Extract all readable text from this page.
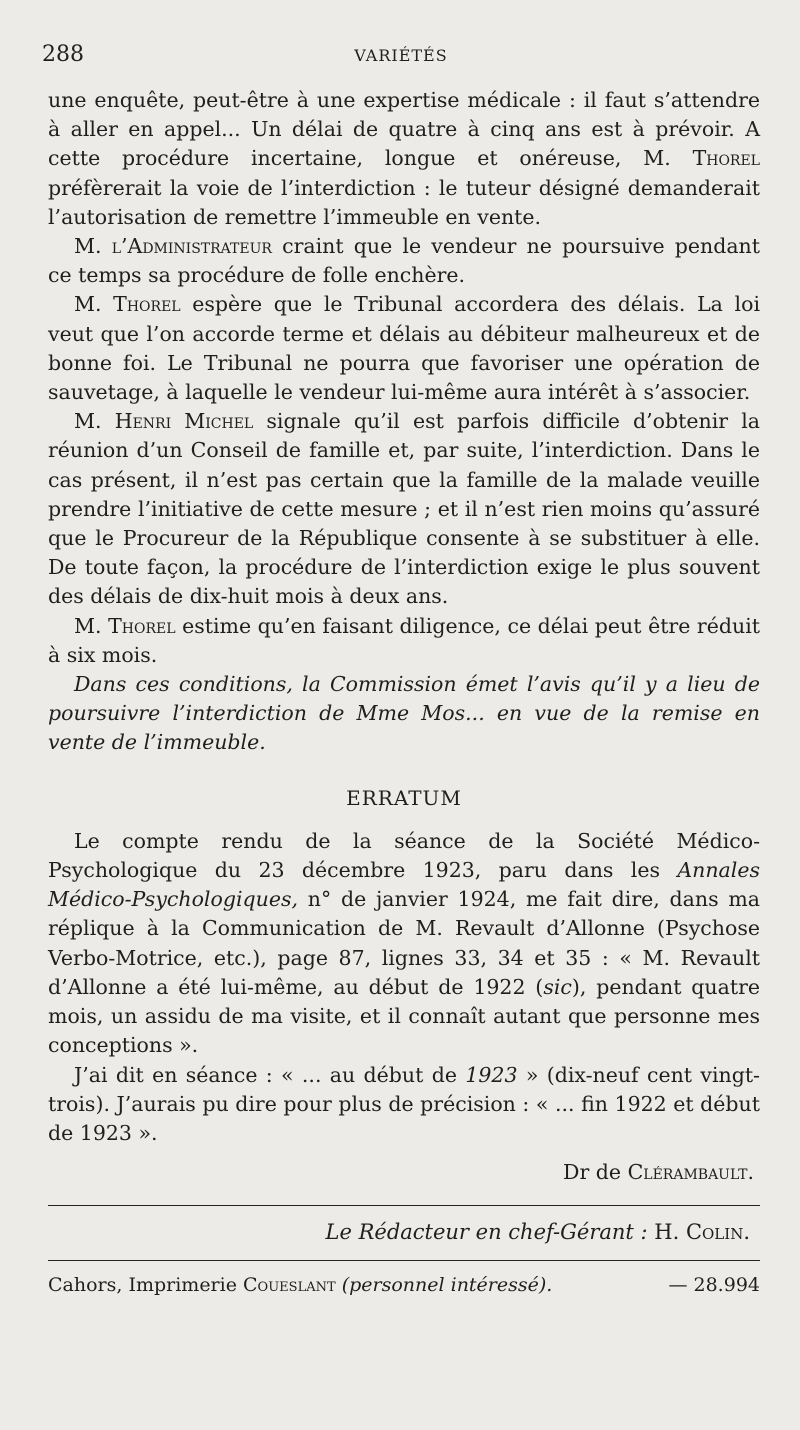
288	VARIÉTÉS

une enquête, peut-être à une expertise médicale : il faut s’attendre à aller en appel... Un délai de quatre à cinq ans est à prévoir. A cette procédure incertaine, longue et onéreuse, M. Thorel préfèrerait la voie de l’interdiction : le tuteur désigné demanderait l’autorisation de remettre l’immeuble en vente.

M. l’Administrateur craint que le vendeur ne poursuive pendant ce temps sa procédure de folle enchère.

M. Thorel espère que le Tribunal accordera des délais. La loi veut que l’on accorde terme et délais au débiteur malheureux et de bonne foi. Le Tribunal ne pourra que favoriser une opération de sauvetage, à laquelle le vendeur lui-même aura intérêt à s’associer.

M. Henri Michel signale qu’il est parfois difficile d’obtenir la réunion d’un Conseil de famille et, par suite, l’interdiction. Dans le cas présent, il n’est pas certain que la famille de la malade veuille prendre l’initiative de cette mesure ; et il n’est rien moins qu’assuré que le Procureur de la République consente à se substituer à elle. De toute façon, la procédure de l’interdiction exige le plus souvent des délais de dix-huit mois à deux ans.

M. Thorel estime qu’en faisant diligence, ce délai peut être réduit à six mois.

Dans ces conditions, la Commission émet l’avis qu’il y a lieu de poursuivre l’interdiction de Mme Mos... en vue de la remise en vente de l’immeuble.

ERRATUM

Le compte rendu de la séance de la Société Médico-Psychologique du 23 décembre 1923, paru dans les Annales Médico-Psychologiques, n° de janvier 1924, me fait dire, dans ma réplique à la Communication de M. Revault d’Allonne (Psychose Verbo-Motrice, etc.), page 87, lignes 33, 34 et 35 : « M. Revault d’Allonne a été lui-même, au début de 1922 (sic), pendant quatre mois, un assidu de ma visite, et il connaît autant que personne mes conceptions ».

J’ai dit en séance : « ... au début de 1923 » (dix-neuf cent vingt-trois). J’aurais pu dire pour plus de précision : « ... fin 1922 et début de 1923 ».

Dr de Clérambault.
Le Rédacteur en chef-Gérant : H. Colin.
Cahors, Imprimerie Coueslant (personnel intéressé).	— 28.994
